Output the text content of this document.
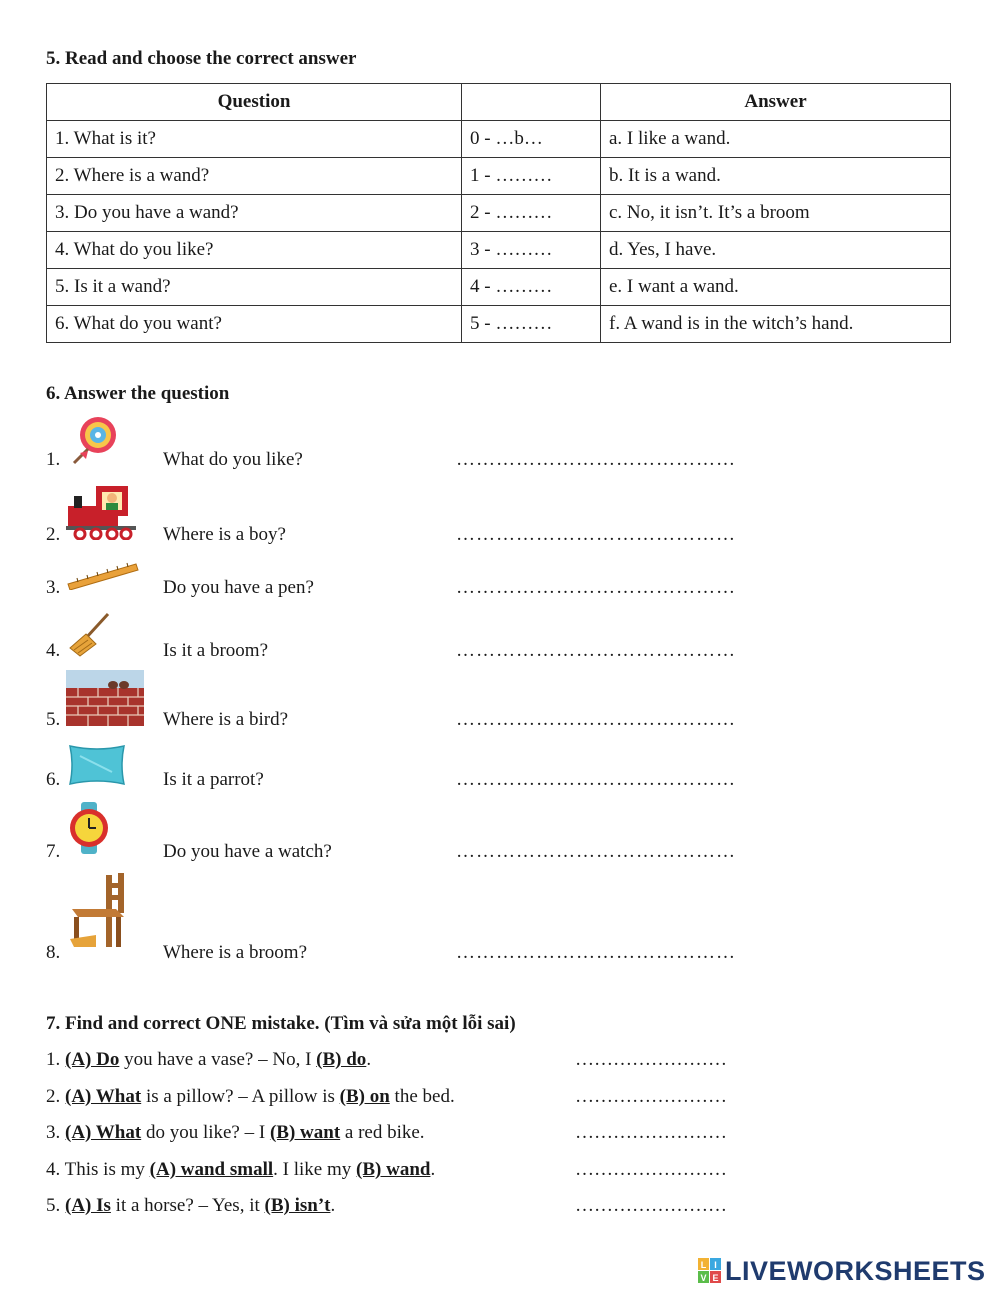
5. Read and choose the correct answer
Question		Answer
1. What is it?	0 - …b…	a. I like a wand.
2. Where is a wand?	1 - ………	b. It is a wand.
3. Do you have a wand?	2 - ………	c. No, it isn’t. It’s a broom
4. What do you like?	3 - ………	d. Yes, I have.
5. Is it a wand?	4 - ………	e. I want a wand.
6. What do you want?	5 - ………	f. A wand is in the witch’s hand.
6. Answer the question
1.	What do you like?	……………………………………
2.	Where is a boy?	……………………………………
3.	Do you have a pen?	……………………………………
4.	Is it a broom?	……………………………………
5.	Where is a bird?	……………………………………
6.	Is it a parrot?	……………………………………
7.	Do you have a watch?	……………………………………
8.	Where is a broom?	……………………………………
7. Find and correct ONE mistake. (Tìm và sửa một lỗi sai)
1. (A) Do you have a vase? – No, I (B) do.	……………………
2. (A) What is a pillow? – A pillow is (B) on the bed.	……………………
3. (A) What do you like? – I (B) want a red bike.	……………………
4. This is my (A) wand small. I like my (B) wand.	……………………
5. (A) Is it a horse? – Yes, it (B) isn’t.	……………………
L I
V E LIVEWORKSHEETS
